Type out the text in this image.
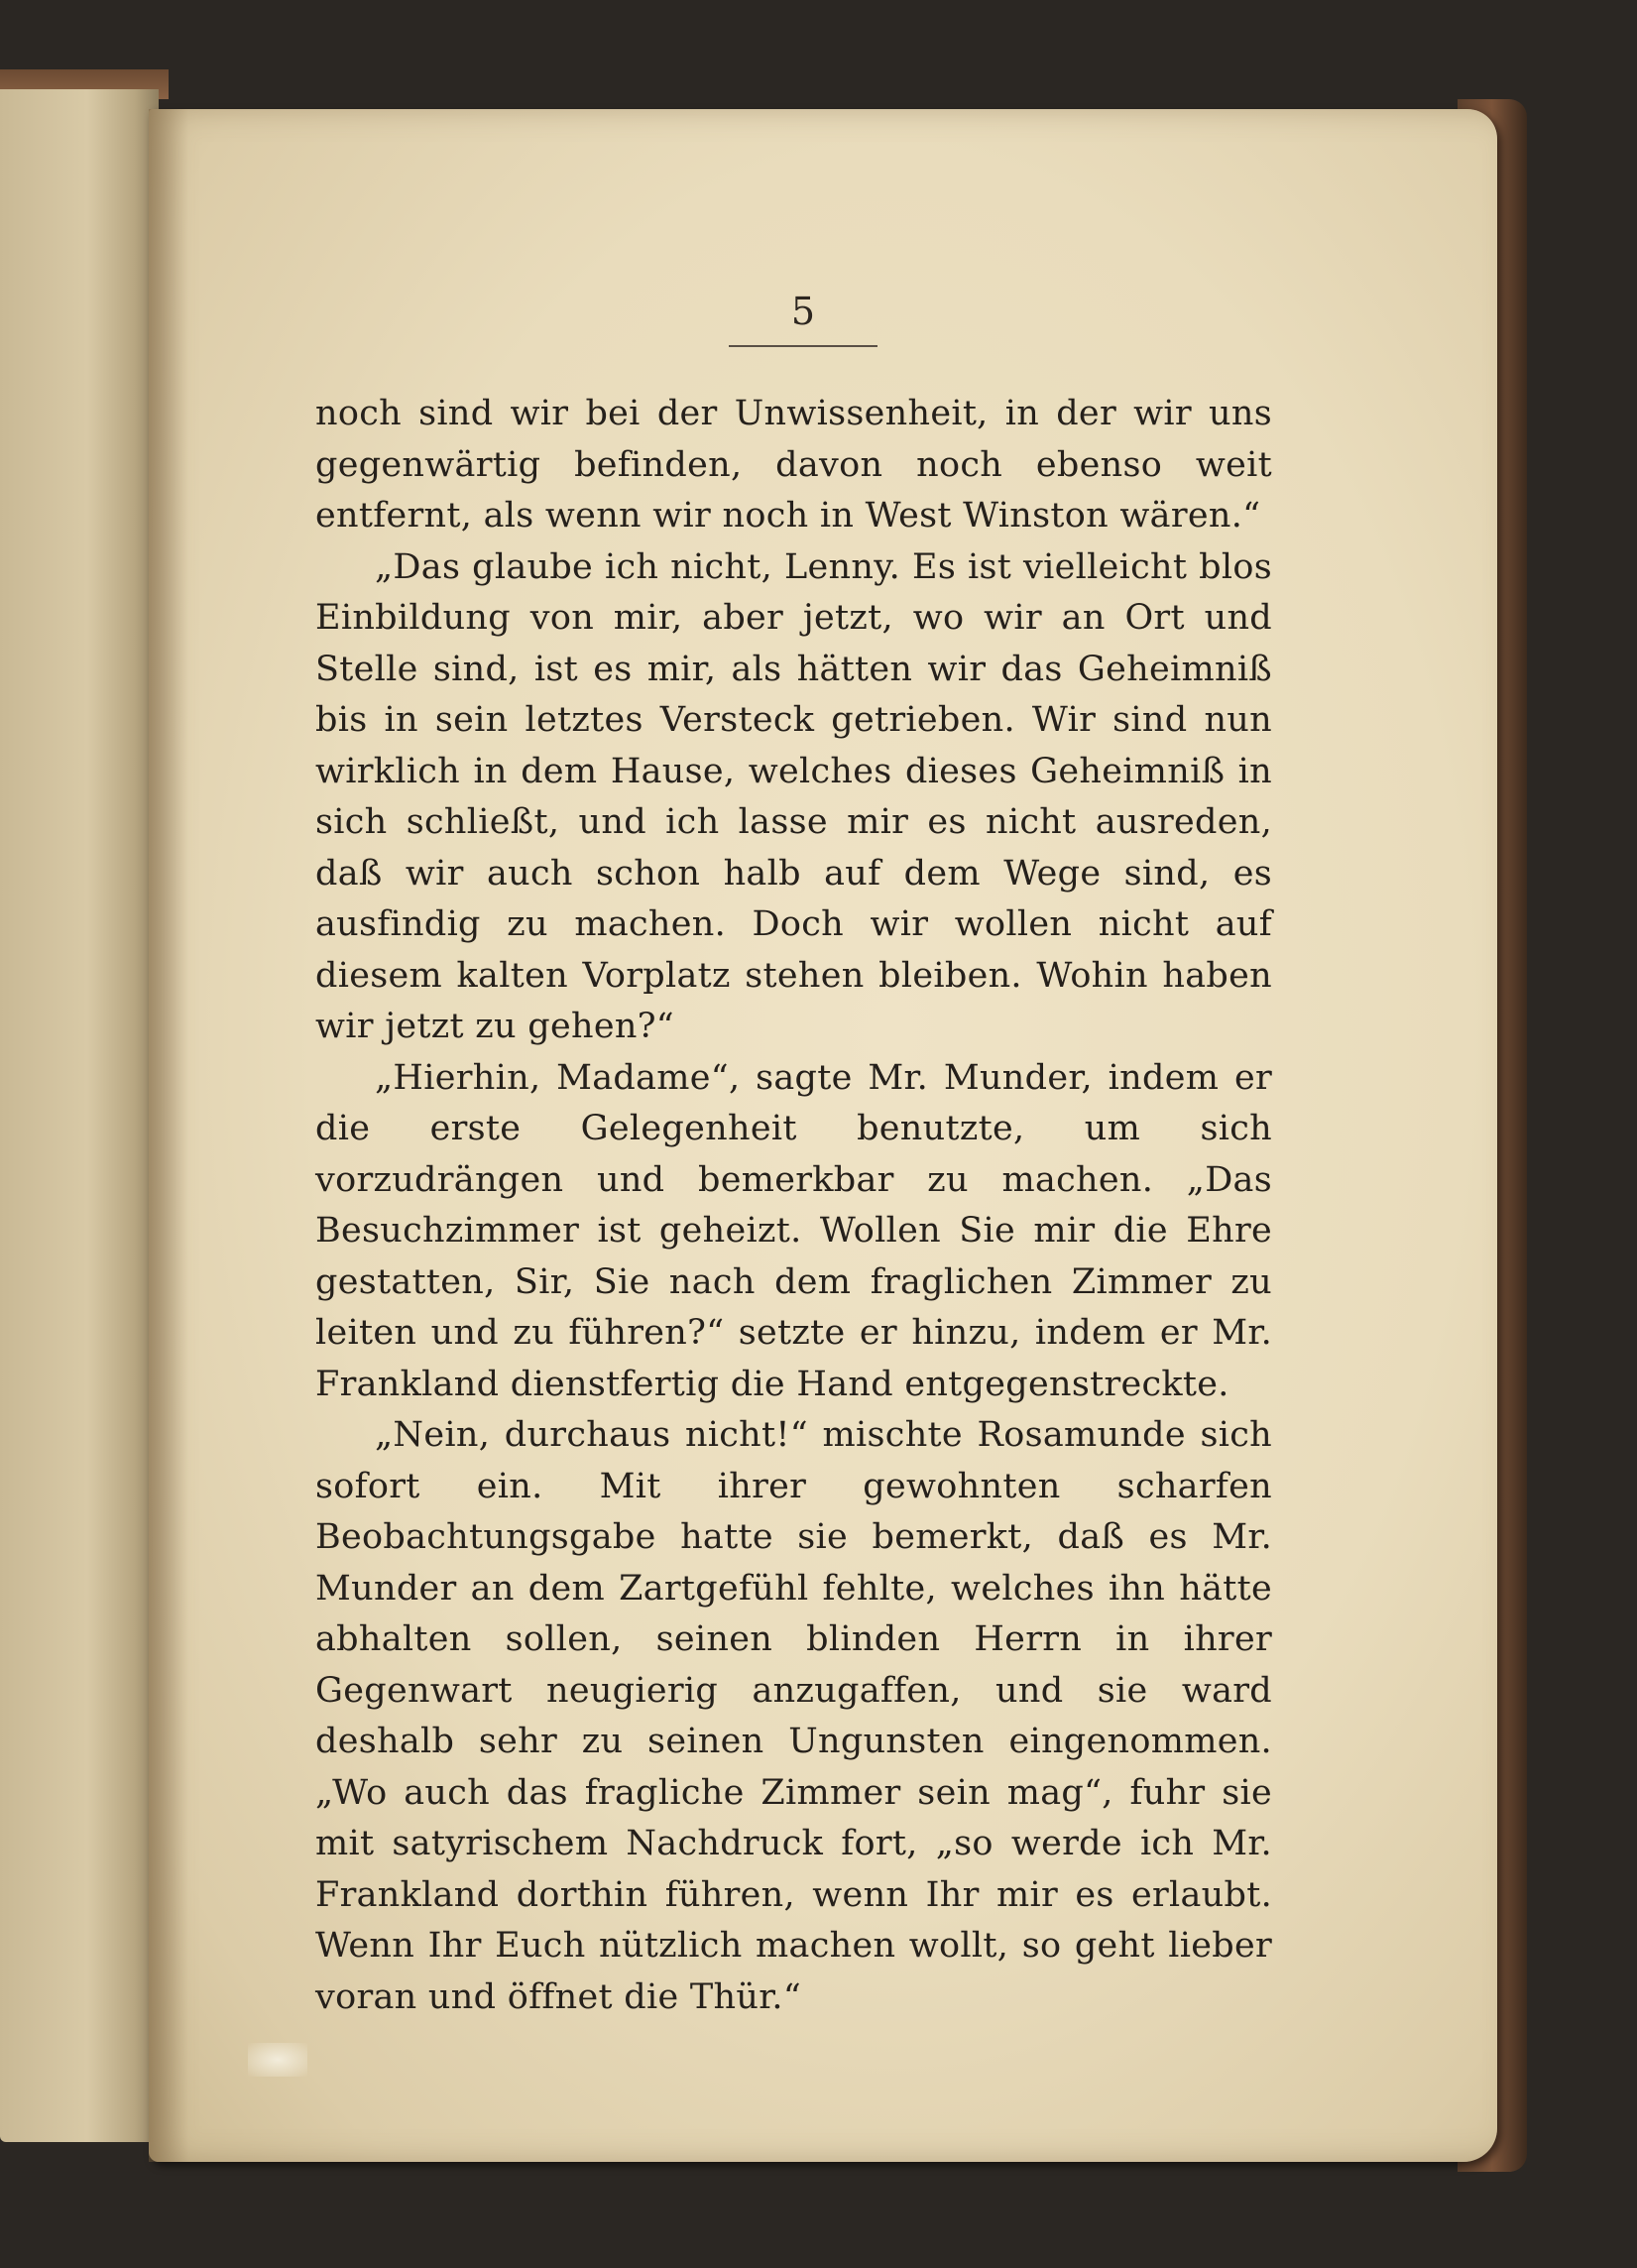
5

noch sind wir bei der Unwissenheit, in der wir uns gegenwärtig befinden, davon noch ebenso weit entfernt, als wenn wir noch in West Winston wären.“

„Das glaube ich nicht, Lenny. Es ist vielleicht blos Einbildung von mir, aber jetzt, wo wir an Ort und Stelle sind, ist es mir, als hätten wir das Geheimniß bis in sein letztes Versteck getrieben. Wir sind nun wirklich in dem Hause, welches dieses Geheimniß in sich schließt, und ich lasse mir es nicht ausreden, daß wir auch schon halb auf dem Wege sind, es ausfindig zu machen. Doch wir wollen nicht auf diesem kalten Vorplatz stehen bleiben. Wohin haben wir jetzt zu gehen?“

„Hierhin, Madame“, sagte Mr. Munder, indem er die erste Gelegenheit benutzte, um sich vorzudrängen und bemerkbar zu machen. „Das Besuchzimmer ist geheizt. Wollen Sie mir die Ehre gestatten, Sir, Sie nach dem fraglichen Zimmer zu leiten und zu führen?“ setzte er hinzu, indem er Mr. Frankland dienstfertig die Hand entgegenstreckte.

„Nein, durchaus nicht!“ mischte Rosamunde sich sofort ein. Mit ihrer gewohnten scharfen Beobachtungsgabe hatte sie bemerkt, daß es Mr. Munder an dem Zartgefühl fehlte, welches ihn hätte abhalten sollen, seinen blinden Herrn in ihrer Gegenwart neugierig anzugaffen, und sie ward deshalb sehr zu seinen Ungunsten eingenommen. „Wo auch das fragliche Zimmer sein mag“, fuhr sie mit satyrischem Nachdruck fort, „so werde ich Mr. Frankland dorthin führen, wenn Ihr mir es erlaubt. Wenn Ihr Euch nützlich machen wollt, so geht lieber voran und öffnet die Thür.“
